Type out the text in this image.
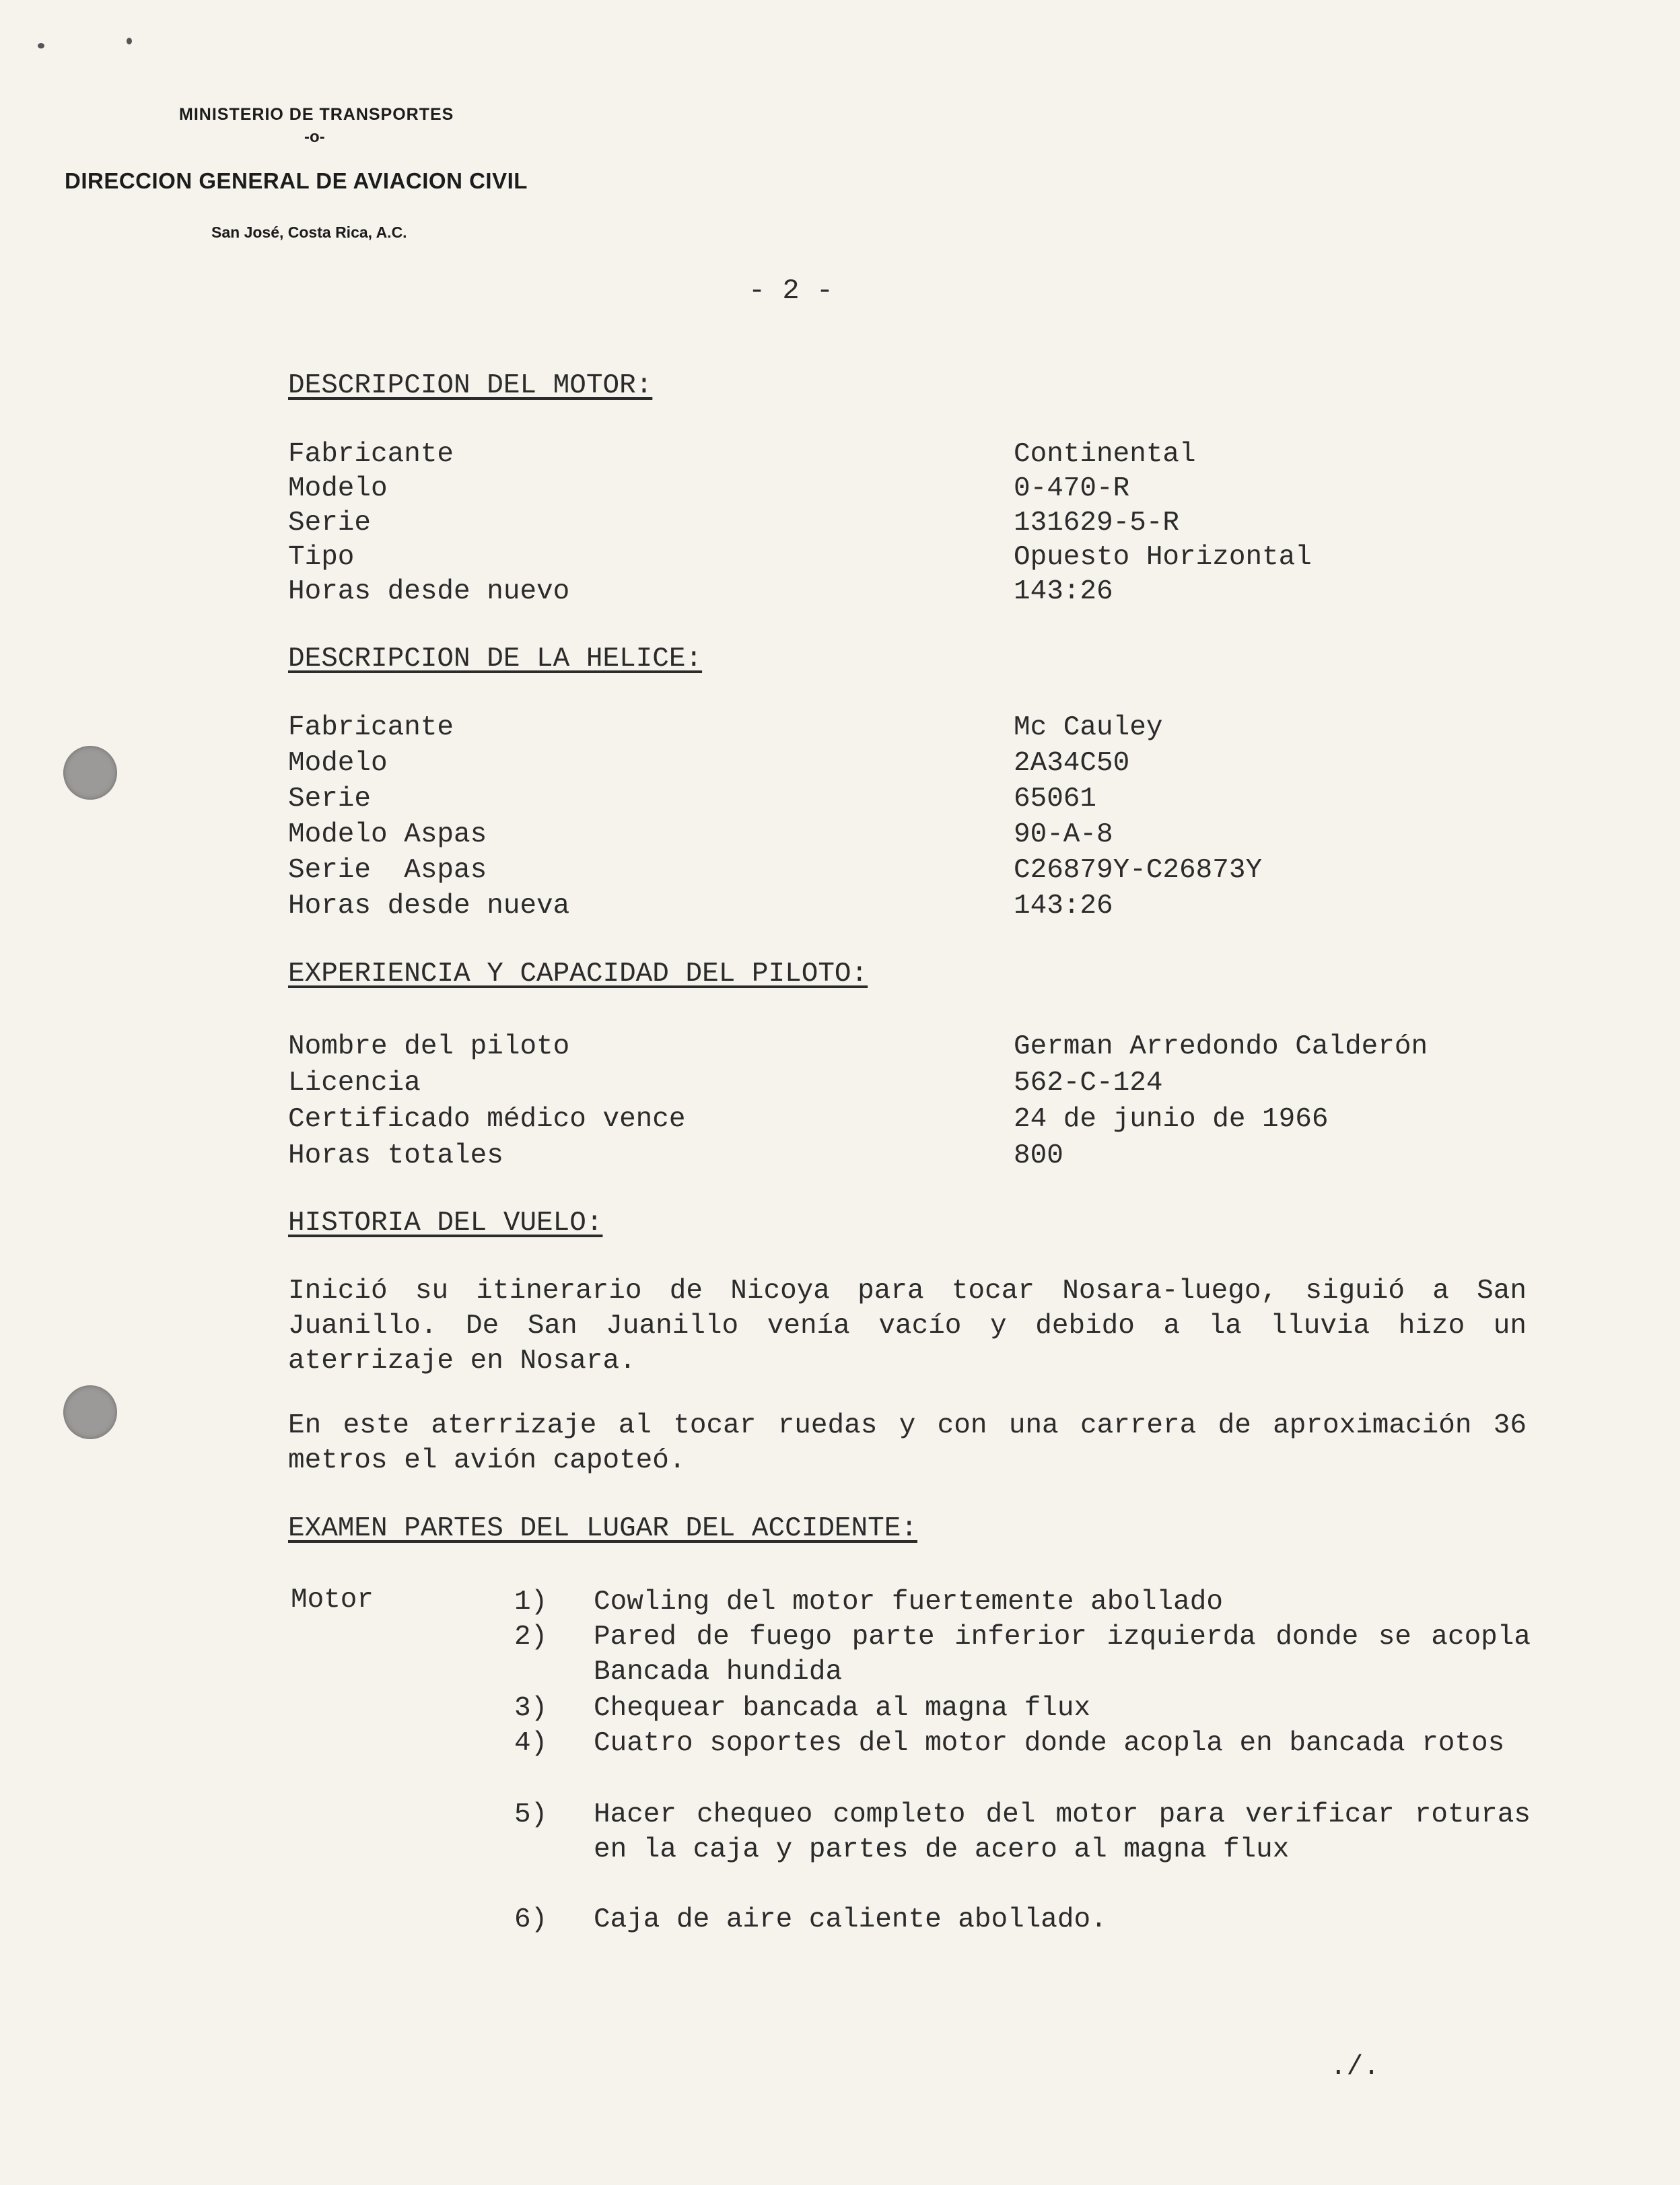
MINISTERIO DE TRANSPORTES
-o-
DIRECCION GENERAL DE AVIACION CIVIL
San José, Costa Rica, A.C.
- 2 -
DESCRIPCION DEL MOTOR:
Fabricante	Continental
Modelo	0-470-R
Serie	131629-5-R
Tipo	Opuesto Horizontal
Horas desde nuevo	143:26
DESCRIPCION DE LA HELICE:
Fabricante	Mc Cauley
Modelo	2A34C50
Serie	65061
Modelo Aspas	90-A-8
Serie  Aspas	C26879Y-C26873Y
Horas desde nueva	143:26
EXPERIENCIA Y CAPACIDAD DEL PILOTO:
Nombre del piloto	German Arredondo Calderón
Licencia	562-C-124
Certificado médico vence	24 de junio de 1966
Horas totales	800
HISTORIA DEL VUELO:
Inició su itinerario de Nicoya para tocar Nosara-luego, siguió a San Juanillo. De San Juanillo venía vacío y debido a la lluvia hizo un aterrizaje en Nosara.
En este aterrizaje al tocar ruedas y con una carrera de aproximación 36 metros el avión capoteó.
EXAMEN PARTES DEL LUGAR DEL ACCIDENTE:
Motor	1) Cowling del motor fuertemente abollado
2) Pared de fuego parte inferior izquierda donde se acopla Bancada hundida
3) Chequear bancada al magna flux
4) Cuatro soportes del motor donde acopla en bancada rotos
5) Hacer chequeo completo del motor para verificar roturas en la caja y partes de acero al magna flux
6) Caja de aire caliente abollado.
./.
